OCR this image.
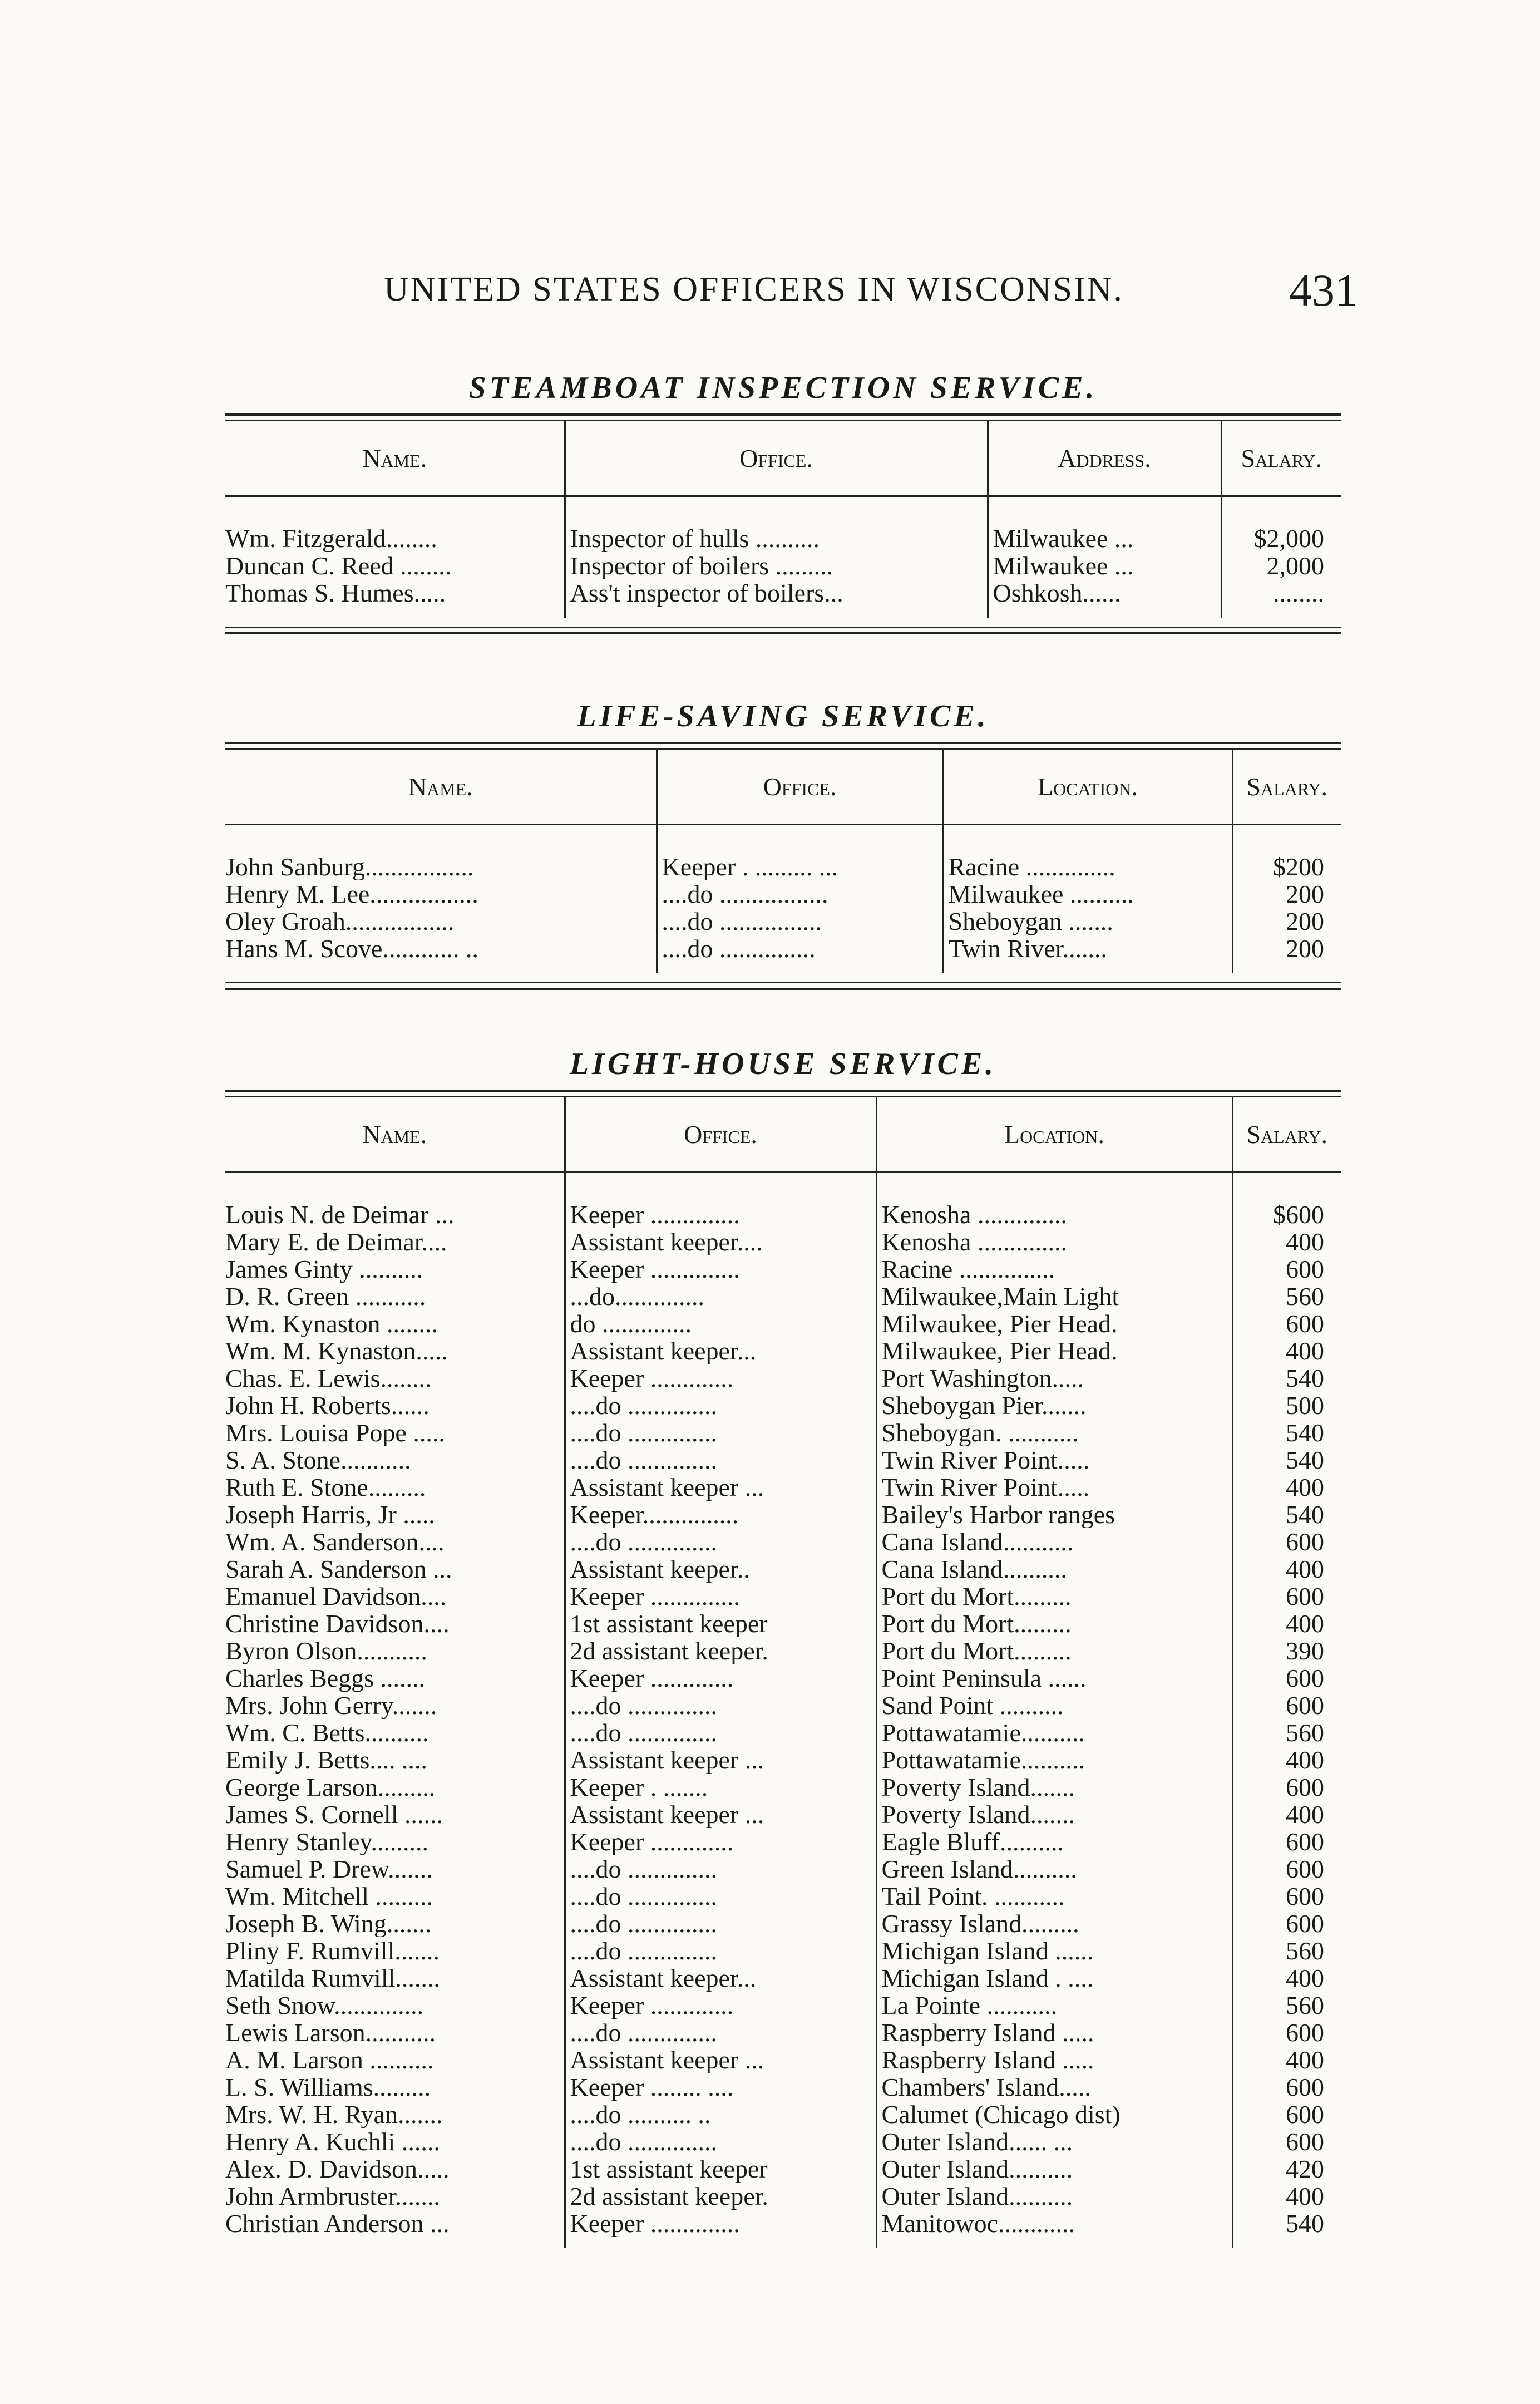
UNITED STATES OFFICERS IN WISCONSIN.	431
STEAMBOAT INSPECTION SERVICE.
Name.	Office.	Address.	Salary.

Wm. Fitzgerald........	Inspector of hulls ..........	Milwaukee ...	$2,000
Duncan C. Reed ........	Inspector of boilers .........	Milwaukee ...	2,000
Thomas S. Humes.....	Ass't inspector of boilers...	Oshkosh......	........

LIFE-SAVING SERVICE.
Name.	Office.	Location.	Salary.

John Sanburg.................	Keeper . ......... ...	Racine ..............	$200
Henry M. Lee.................	....do .................	Milwaukee ..........	200
Oley Groah.................	....do ................	Sheboygan .......	200
Hans M. Scove............ ..	....do ...............	Twin River.......	200

LIGHT-HOUSE SERVICE.
Name.	Office.	Location.	Salary.

Louis N. de Deimar ...	Keeper ..............	Kenosha ..............	$600
Mary E. de Deimar....	Assistant keeper....	Kenosha ..............	400
James Ginty ..........	Keeper ..............	Racine ...............	600
D. R. Green ...........	...do..............	Milwaukee,Main Light	560
Wm. Kynaston ........	do ..............	Milwaukee, Pier Head.	600
Wm. M. Kynaston.....	Assistant keeper...	Milwaukee, Pier Head.	400
Chas. E. Lewis........	Keeper .............	Port Washington.....	540
John H. Roberts......	....do ..............	Sheboygan Pier.......	500
Mrs. Louisa Pope .....	....do ..............	Sheboygan. ...........	540
S. A. Stone...........	....do ..............	Twin River Point.....	540
Ruth E. Stone.........	Assistant keeper ...	Twin River Point.....	400
Joseph Harris, Jr .....	Keeper...............	Bailey's Harbor ranges	540
Wm. A. Sanderson....	....do ..............	Cana Island...........	600
Sarah A. Sanderson ...	Assistant keeper..	Cana Island..........	400
Emanuel Davidson....	Keeper ..............	Port du Mort.........	600
Christine Davidson....	1st assistant keeper	Port du Mort.........	400
Byron Olson...........	2d assistant keeper.	Port du Mort.........	390
Charles Beggs .......	Keeper .............	Point Peninsula ......	600
Mrs. John Gerry.......	....do ..............	Sand Point ..........	600
Wm. C. Betts..........	....do ..............	Pottawatamie..........	560
Emily J. Betts.... ....	Assistant keeper ...	Pottawatamie..........	400
George Larson.........	Keeper . .......	Poverty Island.......	600
James S. Cornell ......	Assistant keeper ...	Poverty Island.......	400
Henry Stanley.........	Keeper .............	Eagle Bluff..........	600
Samuel P. Drew.......	....do ..............	Green Island..........	600
Wm. Mitchell .........	....do ..............	Tail Point. ...........	600
Joseph B. Wing.......	....do ..............	Grassy Island.........	600
Pliny F. Rumvill.......	....do ..............	Michigan Island ......	560
Matilda Rumvill.......	Assistant keeper...	Michigan Island . ....	400
Seth Snow..............	Keeper .............	La Pointe ...........	560
Lewis Larson...........	....do ..............	Raspberry Island .....	600
A. M. Larson ..........	Assistant keeper ...	Raspberry Island .....	400
L. S. Williams.........	Keeper ........ ....	Chambers' Island.....	600
Mrs. W. H. Ryan.......	....do .......... ..	Calumet (Chicago dist)	600
Henry A. Kuchli ......	....do ..............	Outer Island...... ...	600
Alex. D. Davidson.....	1st assistant keeper	Outer Island..........	420
John Armbruster.......	2d assistant keeper.	Outer Island..........	400
Christian Anderson ...	Keeper ..............	Manitowoc............	540
